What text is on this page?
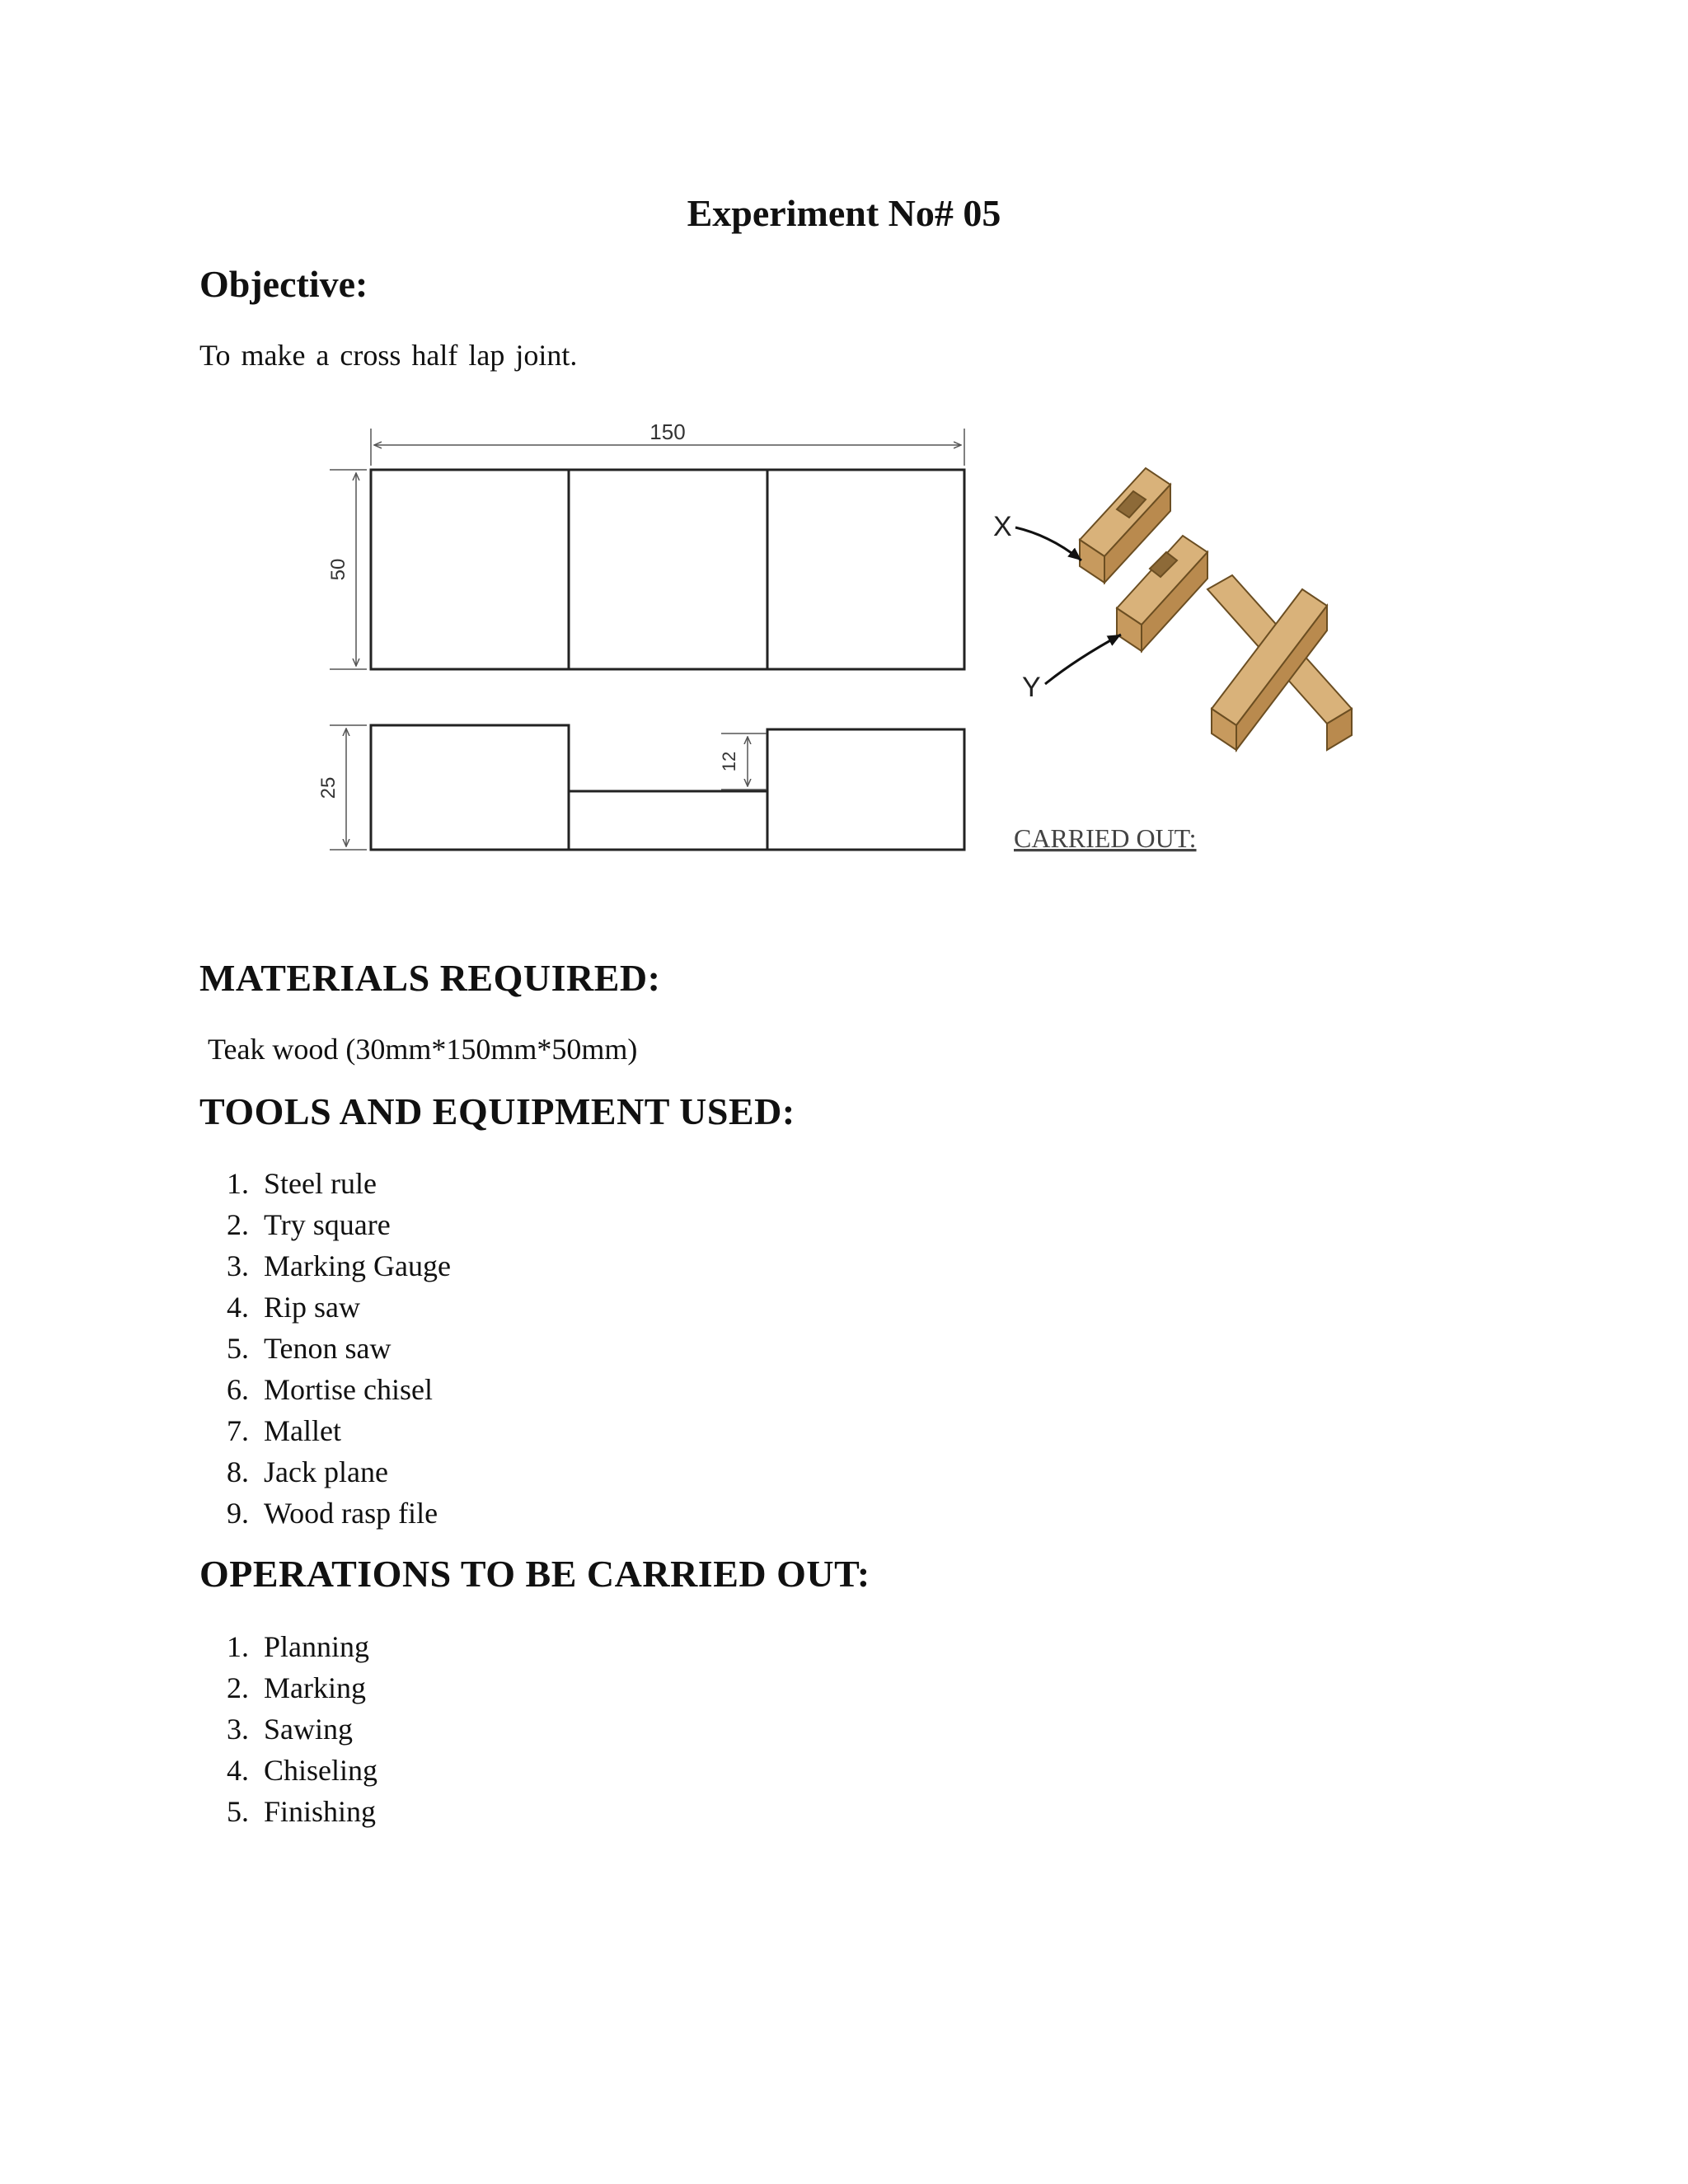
Experiment No# 05
Objective:

To make a cross half lap joint.

150
50
25
12
X
Y
CARRIED OUT:
MATERIALS REQUIRED:

Teak wood (30mm*150mm*50mm)

TOOLS AND EQUIPMENT USED:
1. Steel rule
2. Try square
3. Marking Gauge
4. Rip saw
5. Tenon saw
6. Mortise chisel
7. Mallet
8. Jack plane
9. Wood rasp file
OPERATIONS TO BE CARRIED OUT:
1. Planning
2. Marking
3. Sawing
4. Chiseling
5. Finishing
